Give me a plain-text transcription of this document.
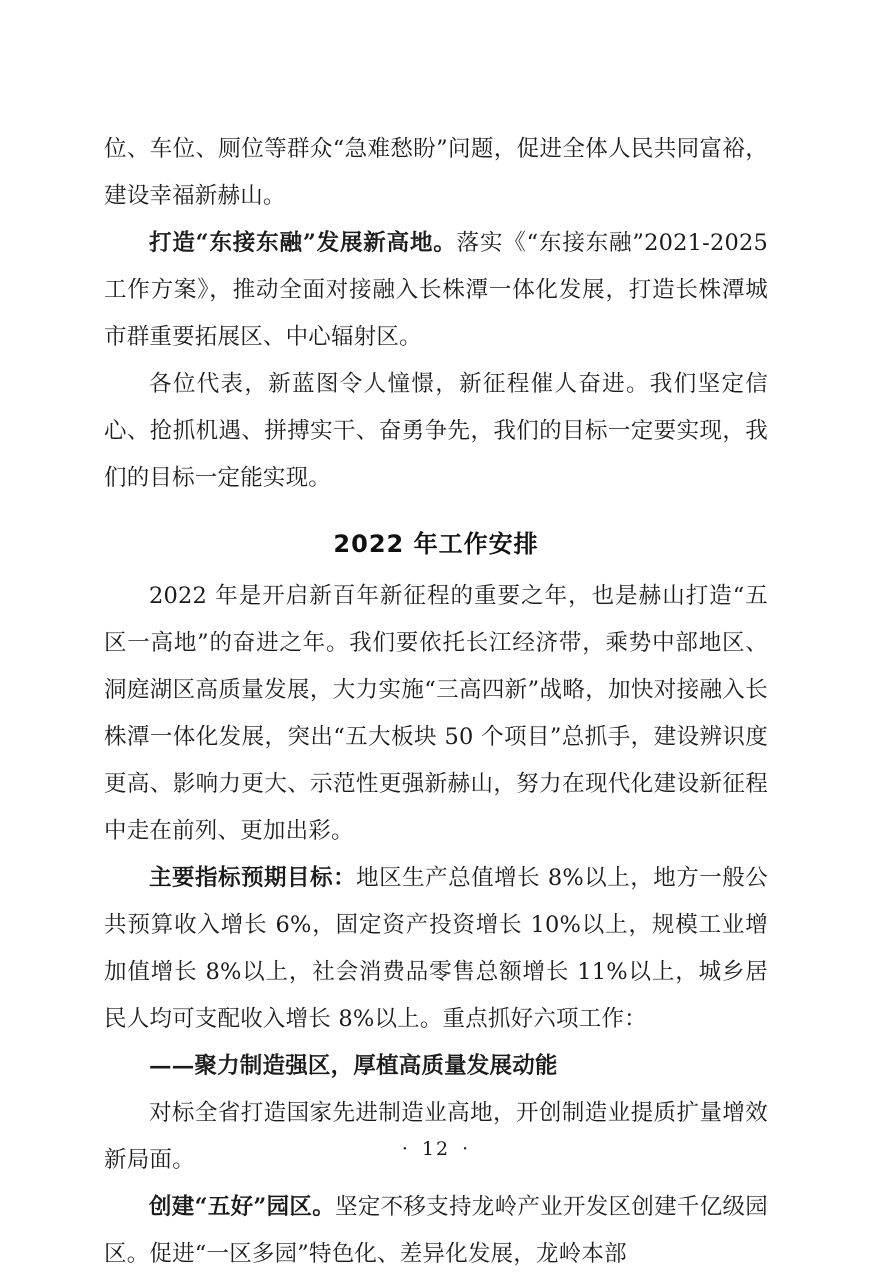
位、车位、厕位等群众“急难愁盼”问题，促进全体人民共同富裕，建设幸福新赫山。

打造“东接东融”发展新高地。落实《“东接东融”2021-2025 工作方案》，推动全面对接融入长株潭一体化发展，打造长株潭城市群重要拓展区、中心辐射区。

各位代表，新蓝图令人憧憬，新征程催人奋进。我们坚定信心、抢抓机遇、拼搏实干、奋勇争先，我们的目标一定要实现，我们的目标一定能实现。

2022 年工作安排

2022 年是开启新百年新征程的重要之年，也是赫山打造“五区一高地”的奋进之年。我们要依托长江经济带，乘势中部地区、洞庭湖区高质量发展，大力实施“三高四新”战略，加快对接融入长株潭一体化发展，突出“五大板块 50 个项目”总抓手，建设辨识度更高、影响力更大、示范性更强新赫山，努力在现代化建设新征程中走在前列、更加出彩。

主要指标预期目标：地区生产总值增长 8%以上，地方一般公共预算收入增长 6%，固定资产投资增长 10%以上，规模工业增加值增长 8%以上，社会消费品零售总额增长 11%以上，城乡居民人均可支配收入增长 8%以上。重点抓好六项工作：

——聚力制造强区，厚植高质量发展动能

对标全省打造国家先进制造业高地，开创制造业提质扩量增效新局面。

创建“五好”园区。坚定不移支持龙岭产业开发区创建千亿级园区。促进“一区多园”特色化、差异化发展，龙岭本部

· 12 ·
